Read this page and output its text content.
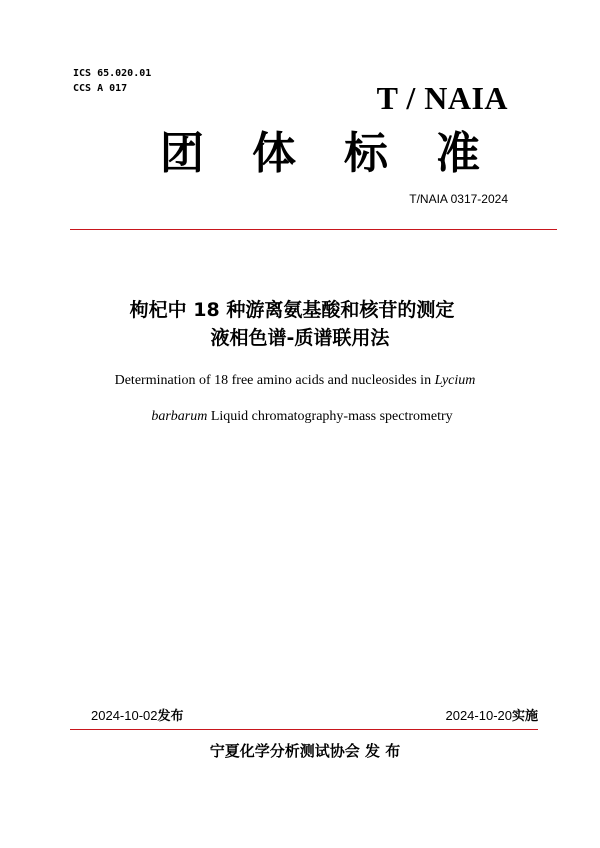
ICS 65.020.01
CCS A 017	T / NAIA
团体标准
T/NAIA 0317-2024
枸杞中 18 种游离氨基酸和核苷的测定
液相色谱-质谱联用法
Determination of 18 free amino acids and nucleosides in Lycium
barbarum Liquid chromatography-mass spectrometry
2024-10-02发布	2024-10-20实施
宁夏化学分析测试协会 发 布
